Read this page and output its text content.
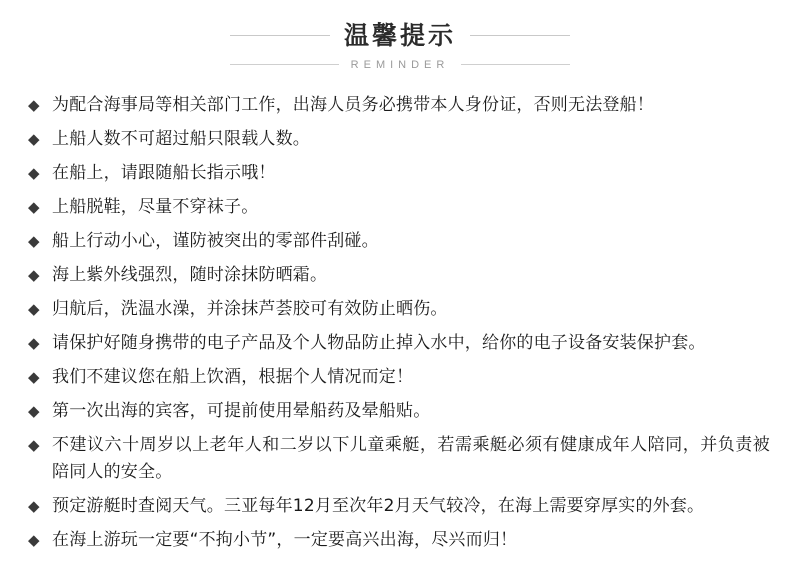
温馨提示
REMINDER
◆ 为配合海事局等相关部门工作，出海人员务必携带本人身份证，否则无法登船！
◆ 上船人数不可超过船只限载人数。
◆ 在船上，请跟随船长指示哦！
◆ 上船脱鞋，尽量不穿袜子。
◆ 船上行动小心，谨防被突出的零部件刮碰。
◆ 海上紫外线强烈，随时涂抹防晒霜。
◆ 归航后，洗温水澡，并涂抹芦荟胶可有效防止晒伤。
◆ 请保护好随身携带的电子产品及个人物品防止掉入水中，给你的电子设备安装保护套。
◆ 我们不建议您在船上饮酒，根据个人情况而定！
◆ 第一次出海的宾客，可提前使用晕船药及晕船贴。
◆ 不建议六十周岁以上老年人和二岁以下儿童乘艇，若需乘艇必须有健康成年人陪同，并负责被陪同人的安全。
◆ 预定游艇时查阅天气。三亚每年12月至次年2月天气较冷，在海上需要穿厚实的外套。
◆ 在海上游玩一定要“不拘小节”，一定要高兴出海，尽兴而归！
